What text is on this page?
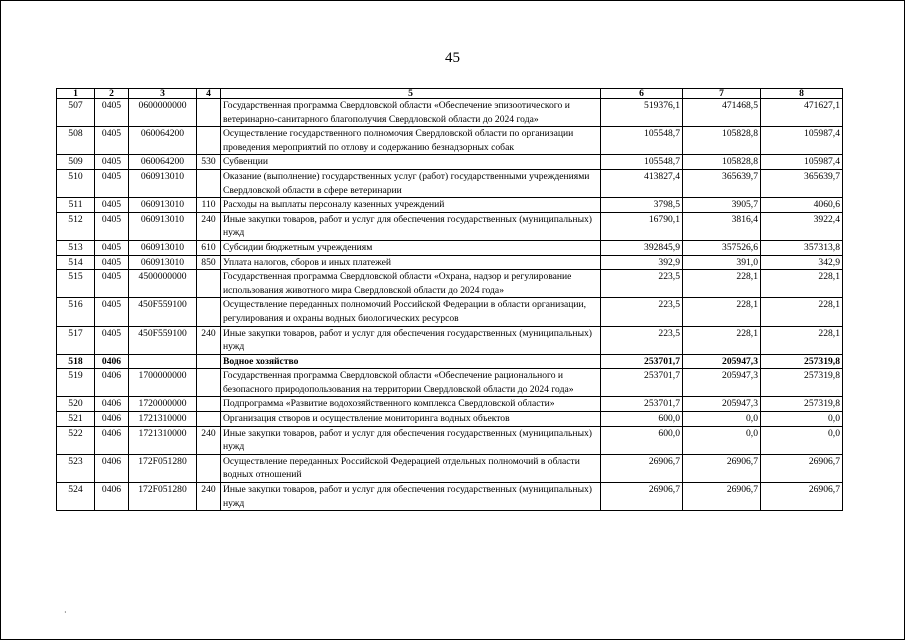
45
1	2	3	4	5	6	7	8
507	0405	0600000000		Государственная программа Свердловской области «Обеспечение эпизоотического и ветеринарно-санитарного благополучия Свердловской области до 2024 года»	519376,1	471468,5	471627,1
508	0405	060064200		Осуществление государственного полномочия Свердловской области по организации проведения мероприятий по отлову и содержанию безнадзорных собак	105548,7	105828,8	105987,4
509	0405	060064200	530	Субвенции	105548,7	105828,8	105987,4
510	0405	060913010		Оказание (выполнение) государственных услуг (работ) государственными учреждениями Свердловской области в сфере ветеринарии	413827,4	365639,7	365639,7
511	0405	060913010	110	Расходы на выплаты персоналу казенных учреждений	3798,5	3905,7	4060,6
512	0405	060913010	240	Иные закупки товаров, работ и услуг для обеспечения государственных (муниципальных) нужд	16790,1	3816,4	3922,4
513	0405	060913010	610	Субсидии бюджетным учреждениям	392845,9	357526,6	357313,8
514	0405	060913010	850	Уплата налогов, сборов и иных платежей	392,9	391,0	342,9
515	0405	4500000000		Государственная программа Свердловской области «Охрана, надзор и регулирование использования животного мира Свердловской области до 2024 года»	223,5	228,1	228,1
516	0405	450F559100		Осуществление переданных полномочий Российской Федерации в области организации, регулирования и охраны водных биологических ресурсов	223,5	228,1	228,1
517	0405	450F559100	240	Иные закупки товаров, работ и услуг для обеспечения государственных (муниципальных) нужд	223,5	228,1	228,1
518	0406			Водное хозяйство	253701,7	205947,3	257319,8
519	0406	1700000000		Государственная программа Свердловской области «Обеспечение рационального и безопасного природопользования на территории Свердловской области до 2024 года»	253701,7	205947,3	257319,8
520	0406	1720000000		Подпрограмма «Развитие водохозяйственного комплекса Свердловской области»	253701,7	205947,3	257319,8
521	0406	1721310000		Организация створов и осуществление мониторинга водных объектов	600,0	0,0	0,0
522	0406	1721310000	240	Иные закупки товаров, работ и услуг для обеспечения государственных (муниципальных) нужд	600,0	0,0	0,0
523	0406	172F051280		Осуществление переданных Российской Федерацией отдельных полномочий в области водных отношений	26906,7	26906,7	26906,7
524	0406	172F051280	240	Иные закупки товаров, работ и услуг для обеспечения государственных (муниципальных) нужд	26906,7	26906,7	26906,7
·
